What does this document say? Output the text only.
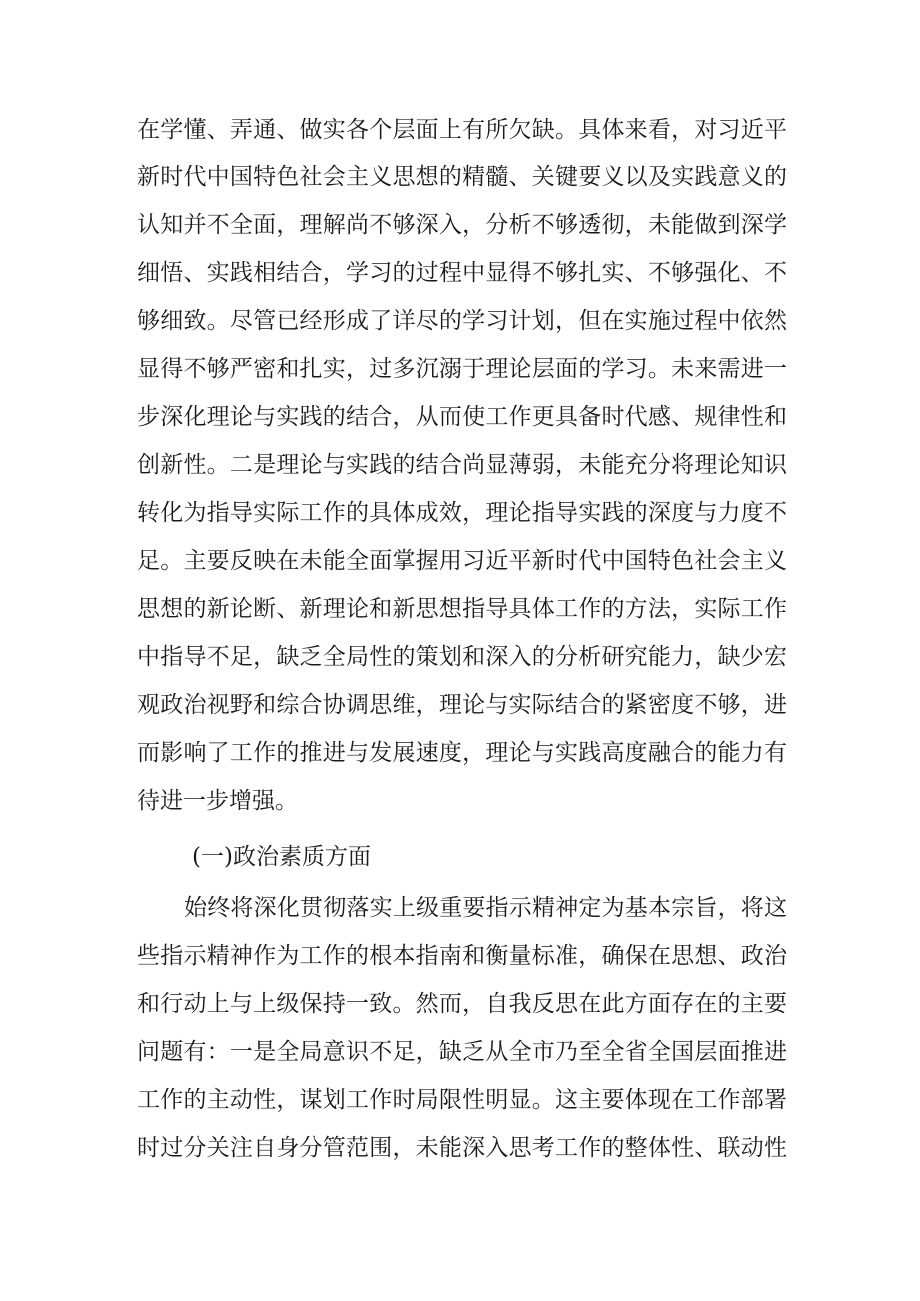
在学懂、弄通、做实各个层面上有所欠缺。具体来看，对习近平
新时代中国特色社会主义思想的精髓、关键要义以及实践意义的
认知并不全面，理解尚不够深入，分析不够透彻，未能做到深学
细悟、实践相结合，学习的过程中显得不够扎实、不够强化、不
够细致。尽管已经形成了详尽的学习计划，但在实施过程中依然
显得不够严密和扎实，过多沉溺于理论层面的学习。未来需进一
步深化理论与实践的结合，从而使工作更具备时代感、规律性和
创新性。二是理论与实践的结合尚显薄弱，未能充分将理论知识
转化为指导实际工作的具体成效，理论指导实践的深度与力度不
足。主要反映在未能全面掌握用习近平新时代中国特色社会主义
思想的新论断、新理论和新思想指导具体工作的方法，实际工作
中指导不足，缺乏全局性的策划和深入的分析研究能力，缺少宏
观政治视野和综合协调思维，理论与实际结合的紧密度不够，进
而影响了工作的推进与发展速度，理论与实践高度融合的能力有
待进一步增强。
(一)政治素质方面
始终将深化贯彻落实上级重要指示精神定为基本宗旨，将这
些指示精神作为工作的根本指南和衡量标准，确保在思想、政治
和行动上与上级保持一致。然而，自我反思在此方面存在的主要
问题有：一是全局意识不足，缺乏从全市乃至全省全国层面推进
工作的主动性，谋划工作时局限性明显。这主要体现在工作部署
时过分关注自身分管范围，未能深入思考工作的整体性、联动性
